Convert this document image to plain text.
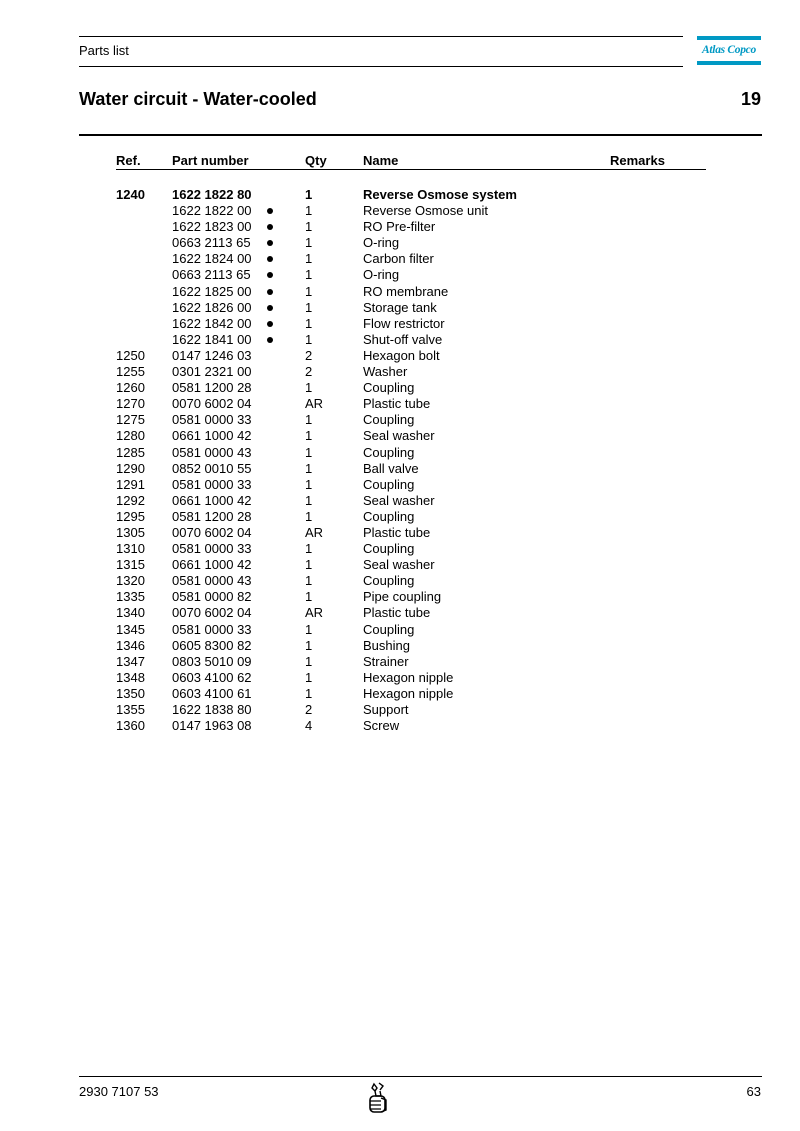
Parts list	Atlas Copco
Water circuit - Water-cooled	19
Ref. Part number	Qty	Name	Remarks
1240 1622 1822 80	1	Reverse Osmose system
1622 1822 00	1	Reverse Osmose unit
1622 1823 00	1	RO Pre-filter
0663 2113 65	1	O-ring
1622 1824 00	1	Carbon filter
0663 2113 65	1	O-ring
1622 1825 00	1	RO membrane
1622 1826 00	1	Storage tank
1622 1842 00	1	Flow restrictor
1622 1841 00	1	Shut-off valve
1250 0147 1246 03	2	Hexagon bolt
1255 0301 2321 00	2	Washer
1260 0581 1200 28	1	Coupling
1270 0070 6002 04	AR	Plastic tube
1275 0581 0000 33	1	Coupling
1280 0661 1000 42	1	Seal washer
1285 0581 0000 43	1	Coupling
1290 0852 0010 55	1	Ball valve
1291 0581 0000 33	1	Coupling
1292 0661 1000 42	1	Seal washer
1295 0581 1200 28	1	Coupling
1305 0070 6002 04	AR	Plastic tube
1310 0581 0000 33	1	Coupling
1315 0661 1000 42	1	Seal washer
1320 0581 0000 43	1	Coupling
1335 0581 0000 82	1	Pipe coupling
1340 0070 6002 04	AR	Plastic tube
1345 0581 0000 33	1	Coupling
1346 0605 8300 82	1	Bushing
1347 0803 5010 09	1	Strainer
1348 0603 4100 62	1	Hexagon nipple
1350 0603 4100 61	1	Hexagon nipple
1355 1622 1838 80	2	Support
1360 0147 1963 08	4	Screw
2930 7107 53	63
